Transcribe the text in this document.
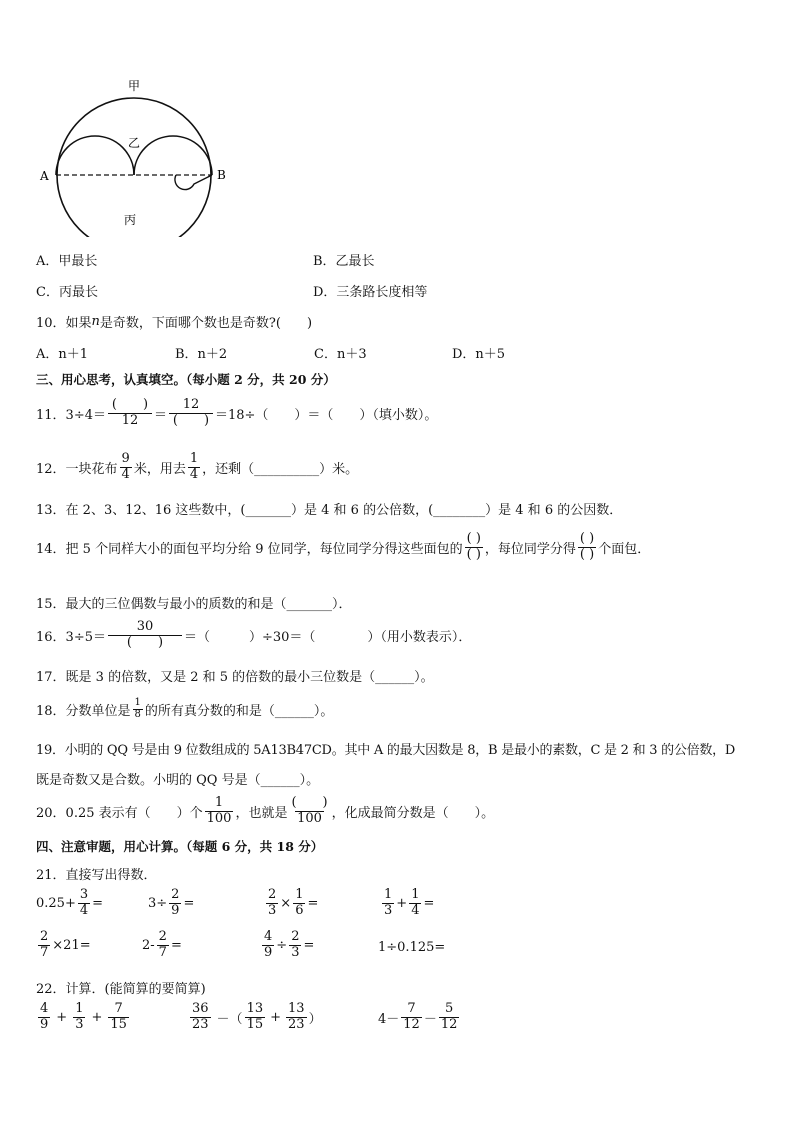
甲
乙
丙
A	B
A．甲最长	B．乙最长
C．丙最长	D．三条路长度相等
10．如果 n 是奇数，下面哪个数也是奇数?(　　)
A．n＋1	B．n＋2	C．n＋3	D．n＋5
三、用心思考，认真填空。（每小题 2 分，共 20 分）
11．$3\div 4= \frac{( )}{12} = \frac{12}{( )} =18\div$（　　）＝（　　）（填小数）。
12．一块花布 $\frac{9}{4}$ 米，用去 $\frac{1}{4}$ ，还剩（__________）米。
13．在 2、3、12、16 这些数中，(_______）是 4 和 6 的公倍数，(________）是 4 和 6 的公因数．
14．把 5 个同样大小的面包平均分给 9 位同学，每位同学分得这些面包的 $\frac{( )}{( )}$ ，每位同学分得 $\frac{( )}{( )}$ 个面包．
15．最大的三位偶数与最小的质数的和是（_______）．
16．$3\div 5= \frac{30}{( )}$ ＝（　　　）÷30＝（　　　　）（用小数表示）．
17．既是 3 的倍数，又是 2 和 5 的倍数的最小三位数是（______）。
18．分数单位是 $\frac{1}{8}$ 的所有真分数的和是（______）。
19．小明的 QQ 号是由 9 位数组成的 5A13B47CD。其中 A 的最大因数是 8，B 是最小的素数，C 是 2 和 3 的公倍数，D
既是奇数又是合数。小明的 QQ 号是（______）。
20．0.25 表示有（　　）个 $\frac{1}{100}$ ，也就是 $\frac{( )}{100}$ ，化成最简分数是（　　）。
四、注意审题，用心计算。（每题 6 分，共 18 分）
21．直接写出得数．
$0.25+ \frac{3}{4}$ =	$3\div \frac{2}{9}$ =	$\frac{2}{3} \times \frac{1}{6}$ =	$\frac{1}{3} + \frac{1}{4}$ =
$\frac{2}{7} \times 21=$	$2- \frac{2}{7}$ =	$\frac{4}{9} \div \frac{2}{3}$ =	1÷0.125=
22．计算．(能简算的要简算)
$\frac{4}{9} + \frac{1}{3} + \frac{7}{15}$	$\frac{36}{23}$ －（ $\frac{13}{15} + \frac{13}{23}$ ）	$4- \frac{7}{12} - \frac{5}{12}$
